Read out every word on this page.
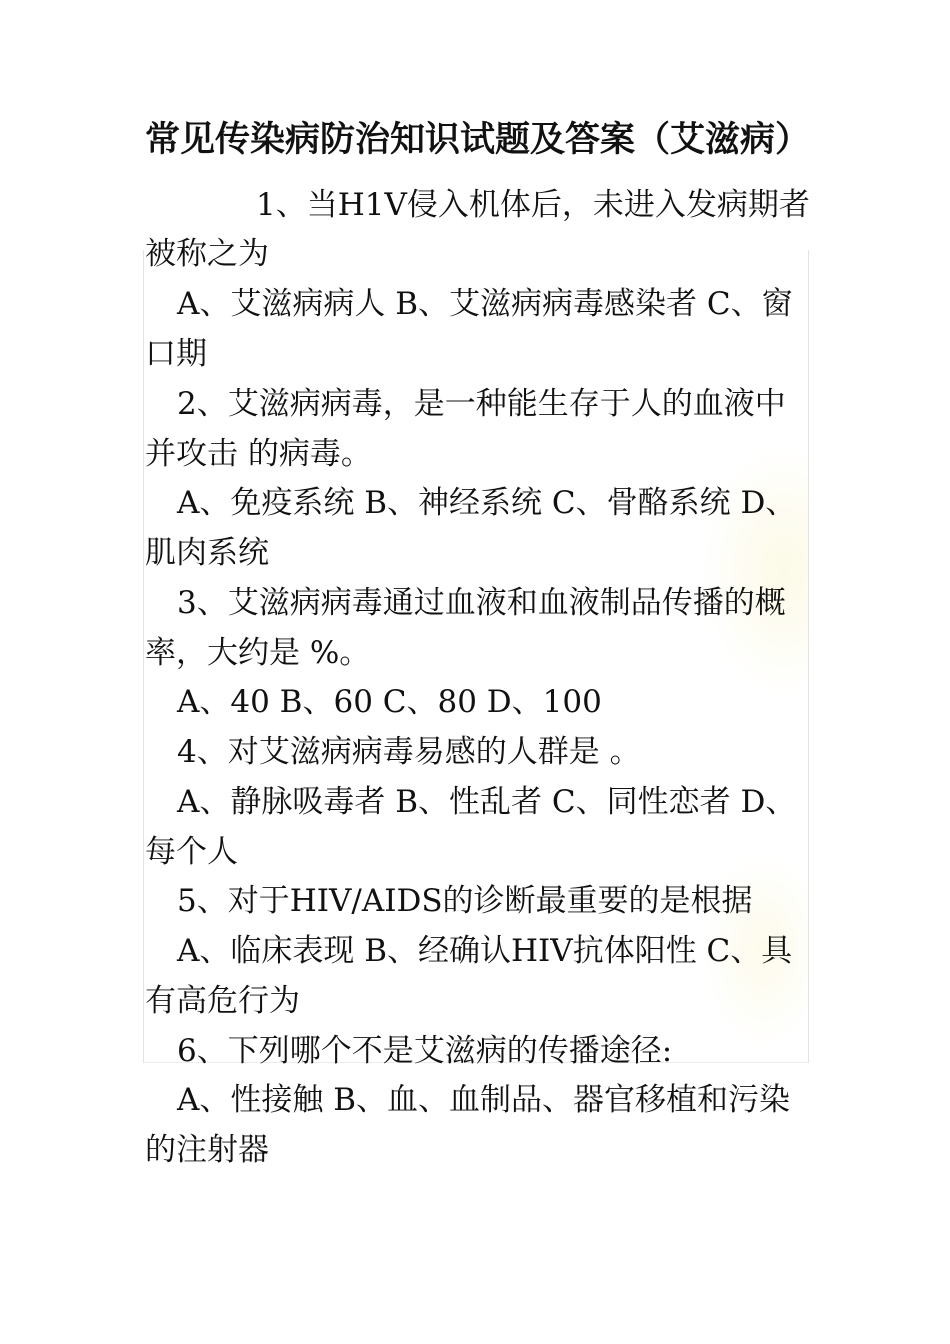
常见传染病防治知识试题及答案（艾滋病）
1、当H1V侵入机体后，未进入发病期者
被称之为
A、艾滋病病人 B、艾滋病病毒感染者 C、窗
口期
2、艾滋病病毒，是一种能生存于人的血液中
并攻击 的病毒。
A、免疫系统 B、神经系统 C、骨酪系统 D、
肌肉系统
3、艾滋病病毒通过血液和血液制品传播的概
率，大约是 %。
A、40 B、60 C、80 D、100
4、对艾滋病病毒易感的人群是 。
A、静脉吸毒者 B、性乱者 C、同性恋者 D、
每个人
5、对于HIV/AIDS的诊断最重要的是根据
A、临床表现 B、经确认HIV抗体阳性 C、具
有高危行为
6、下列哪个不是艾滋病的传播途径:
A、性接触 B、血、血制品、器官移植和污染
的注射器
